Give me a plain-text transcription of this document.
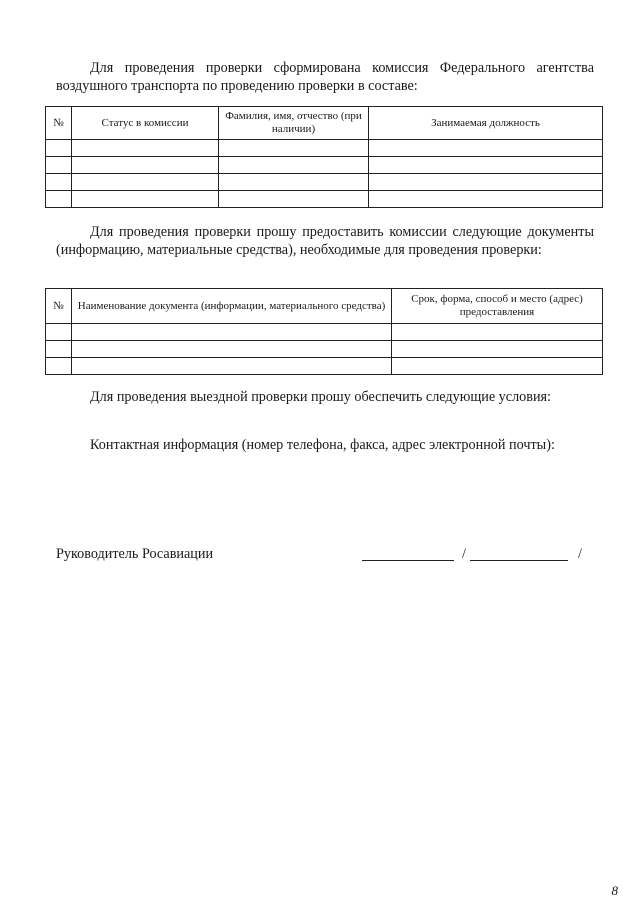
Для проведения проверки сформирована комиссия Федерального агентства воздушного транспорта по проведению проверки в составе:

№	Статус в комиссии	Фамилия, имя, отчество (при наличии)	Занимаемая должность

Для проведения проверки прошу предоставить комиссии следующие документы (информацию, материальные средства), необходимые для проведения проверки:

№	Наименование документа (информации, материального средства)	Срок, форма, способ и место (адрес) предоставления

Для проведения выездной проверки прошу обеспечить следующие условия:

Контактная информация (номер телефона, факса, адрес электронной почты):

Руководитель Росавиации	/	/
8
